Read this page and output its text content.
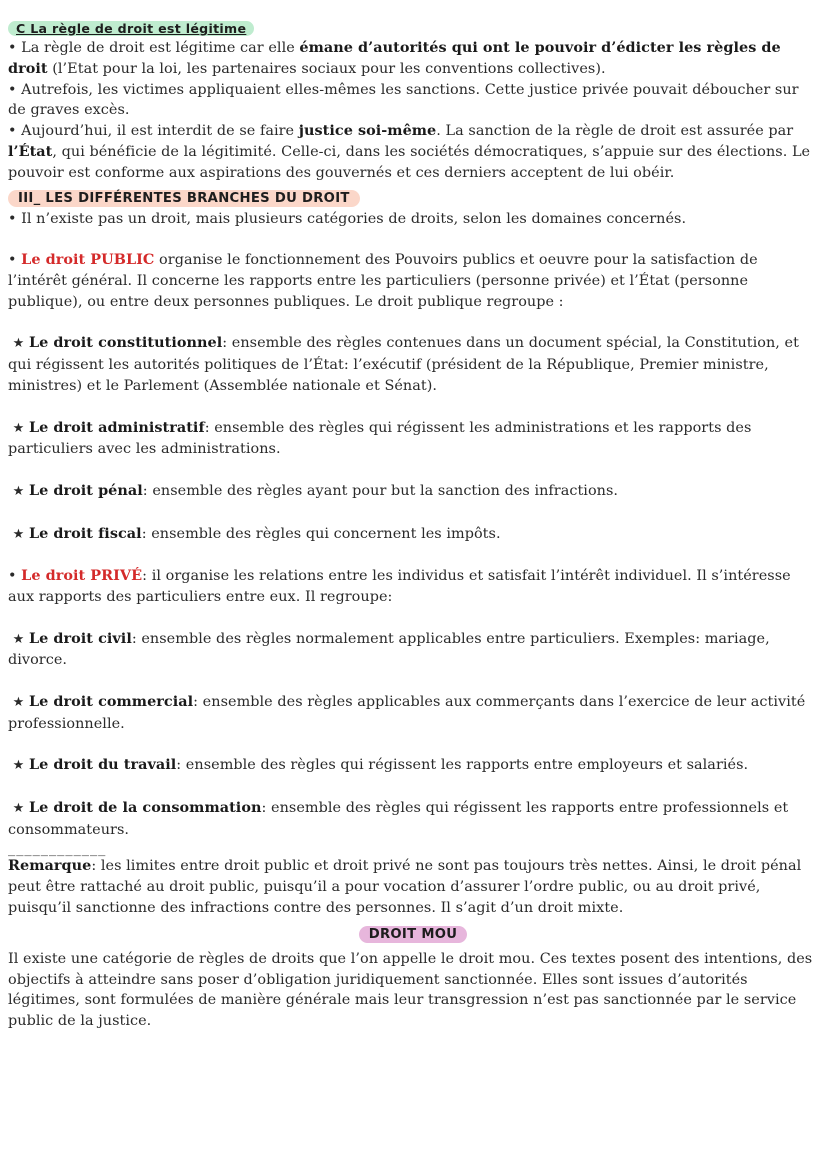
C La règle de droit est légitime

• La règle de droit est légitime car elle émane d’autorités qui ont le pouvoir d’édicter les règles de droit (l’Etat pour la loi, les partenaires sociaux pour les conventions collectives).

• Autrefois, les victimes appliquaient elles-mêmes les sanctions. Cette justice privée pouvait déboucher sur de graves excès.

• Aujourd’hui, il est interdit de se faire justice soi-même. La sanction de la règle de droit est assurée par l’État, qui bénéficie de la légitimité. Celle-ci, dans les sociétés démocratiques, s’appuie sur des élections. Le pouvoir est conforme aux aspirations des gouvernés et ces derniers acceptent de lui obéir.

III_ LES DIFFÉRENTES BRANCHES DU DROIT

• Il n’existe pas un droit, mais plusieurs catégories de droits, selon les domaines concernés.

• Le droit PUBLIC organise le fonctionnement des Pouvoirs publics et oeuvre pour la satisfaction de l’intérêt général. Il concerne les rapports entre les particuliers (personne privée) et l’État (personne publique), ou entre deux personnes publiques. Le droit publique regroupe :

★ Le droit constitutionnel: ensemble des règles contenues dans un document spécial, la Constitution, et qui régissent les autorités politiques de l’État: l’exécutif (président de la République, Premier ministre, ministres) et le Parlement (Assemblée nationale et Sénat).

★ Le droit administratif: ensemble des règles qui régissent les administrations et les rapports des particuliers avec les administrations.

★ Le droit pénal: ensemble des règles ayant pour but la sanction des infractions.

★ Le droit fiscal: ensemble des règles qui concernent les impôts.

• Le droit PRIVÉ: il organise les relations entre les individus et satisfait l’intérêt individuel. Il s’intéresse aux rapports des particuliers entre eux. Il regroupe:

★ Le droit civil: ensemble des règles normalement applicables entre particuliers. Exemples: mariage, divorce.

★ Le droit commercial: ensemble des règles applicables aux commerçants dans l’exercice de leur activité professionnelle.

★ Le droit du travail: ensemble des règles qui régissent les rapports entre employeurs et salariés.

★ Le droit de la consommation: ensemble des règles qui régissent les rapports entre professionnels et consommateurs.

____________

Remarque: les limites entre droit public et droit privé ne sont pas toujours très nettes. Ainsi, le droit pénal peut être rattaché au droit public, puisqu’il a pour vocation d’assurer l’ordre public, ou au droit privé, puisqu’il sanctionne des infractions contre des personnes. Il s’agit d’un droit mixte.

DROIT MOU

Il existe une catégorie de règles de droits que l’on appelle le droit mou. Ces textes posent des intentions, des objectifs à atteindre sans poser d’obligation juridiquement sanctionnée. Elles sont issues d’autorités légitimes, sont formulées de manière générale mais leur transgression n’est pas sanctionnée par le service public de la justice.
